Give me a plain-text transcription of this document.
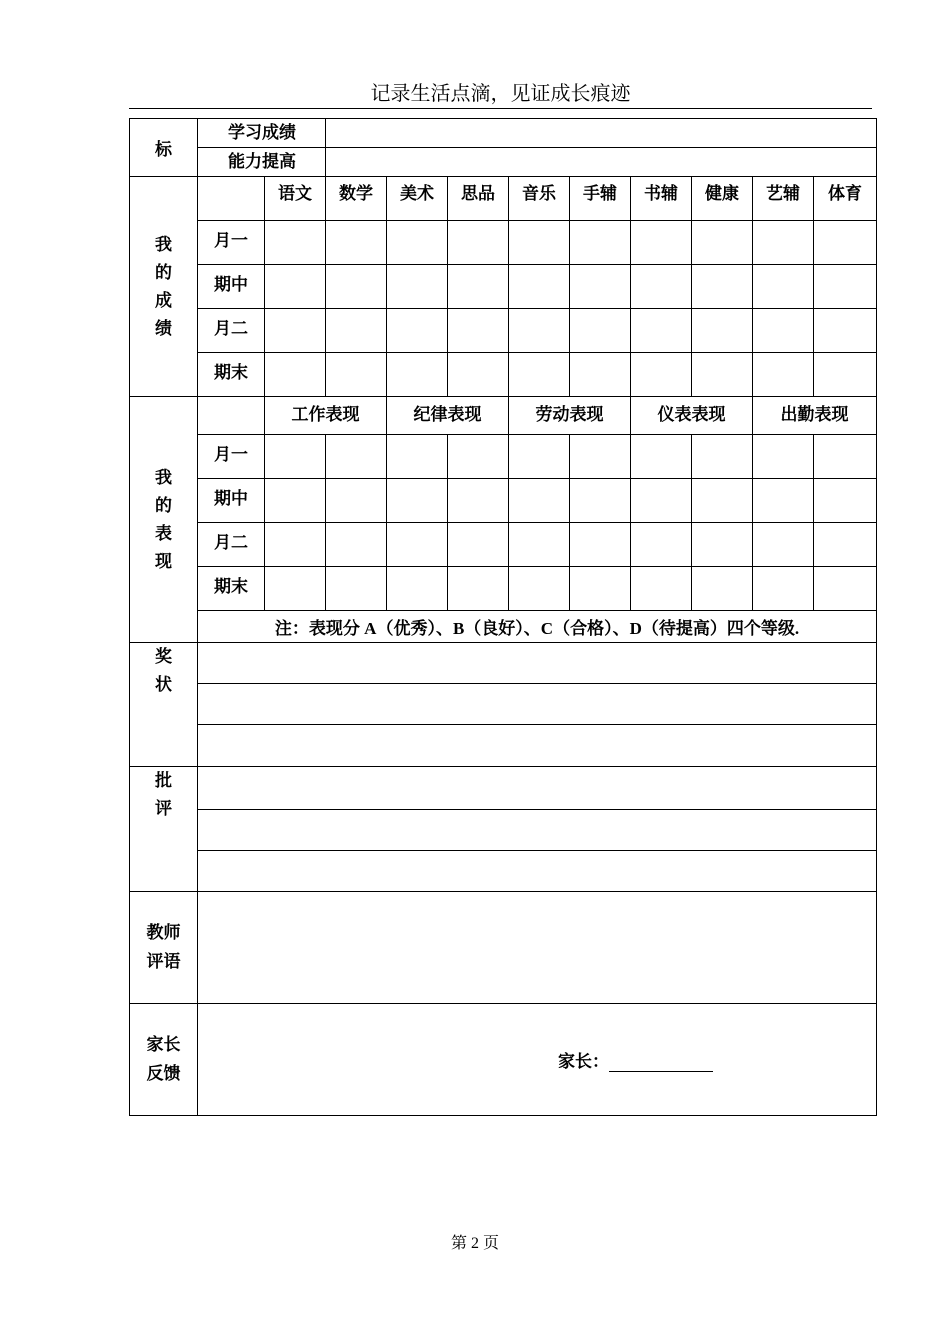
记录生活点滴，见证成长痕迹
标	学习成绩										
	能力提高										
我的成绩		语文	数学	美术	思品	音乐	手辅	书辅	健康	艺辅	体育
	月一										
	期中										
	月二										
	期末										
我的表现		工作表现		纪律表现		劳动表现		仪表表现		出勤表现	
	月一										
	期中										
	月二										
	期末										
	注：表现分 A（优秀）、B（良好）、C（合格）、D（待提高）四个等级.										
奖状											

批评											

教师
评语											

家长
反馈	家长：										
第 2 页
